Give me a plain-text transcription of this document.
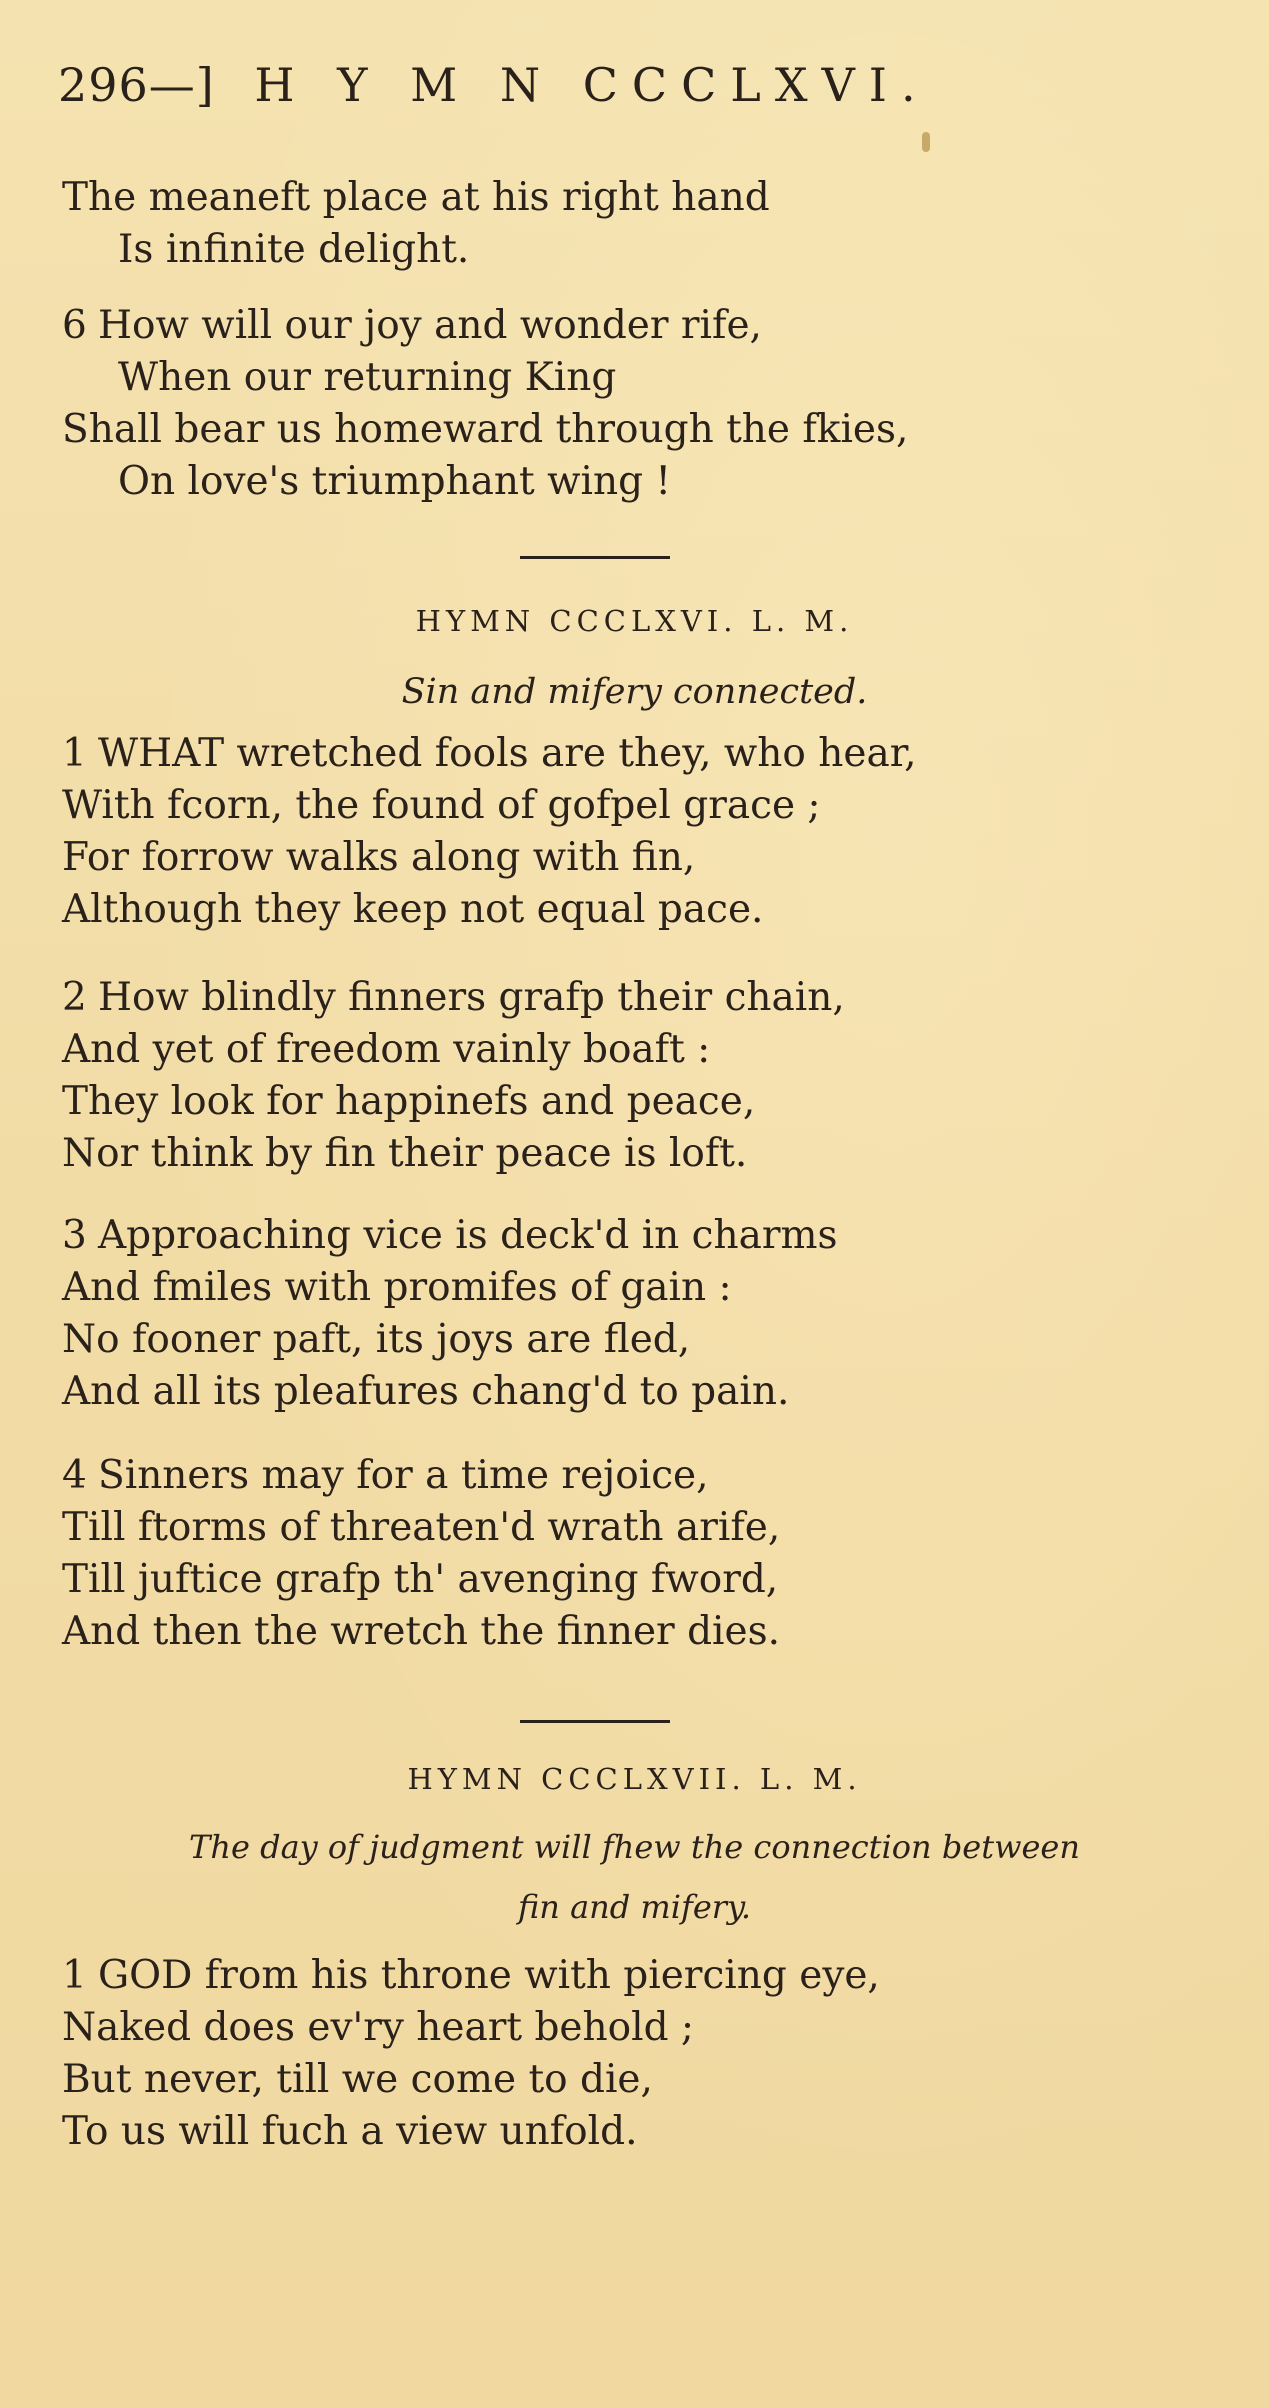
296—] H Y M N CCCLXVI.
The meaneft place at his right hand
Is infinite delight.
6 How will our joy and wonder rife,
When our returning King
Shall bear us homeward through the fkies,
On love's triumphant wing !
HYMN CCCLXVI. L. M.
Sin and mifery connected.
1 WHAT wretched fools are they, who hear,
With fcorn, the found of gofpel grace ;
For forrow walks along with fin,
Although they keep not equal pace.
2 How blindly finners grafp their chain,
And yet of freedom vainly boaft :
They look for happinefs and peace,
Nor think by fin their peace is loft.
3 Approaching vice is deck'd in charms
And fmiles with promifes of gain :
No fooner paft, its joys are fled,
And all its pleafures chang'd to pain.
4 Sinners may for a time rejoice,
Till ftorms of threaten'd wrath arife,
Till juftice grafp th' avenging fword,
And then the wretch the finner dies.
HYMN CCCLXVII. L. M.
The day of judgment will fhew the connection between
fin and mifery.
1 GOD from his throne with piercing eye,
Naked does ev'ry heart behold ;
But never, till we come to die,
To us will fuch a view unfold.
